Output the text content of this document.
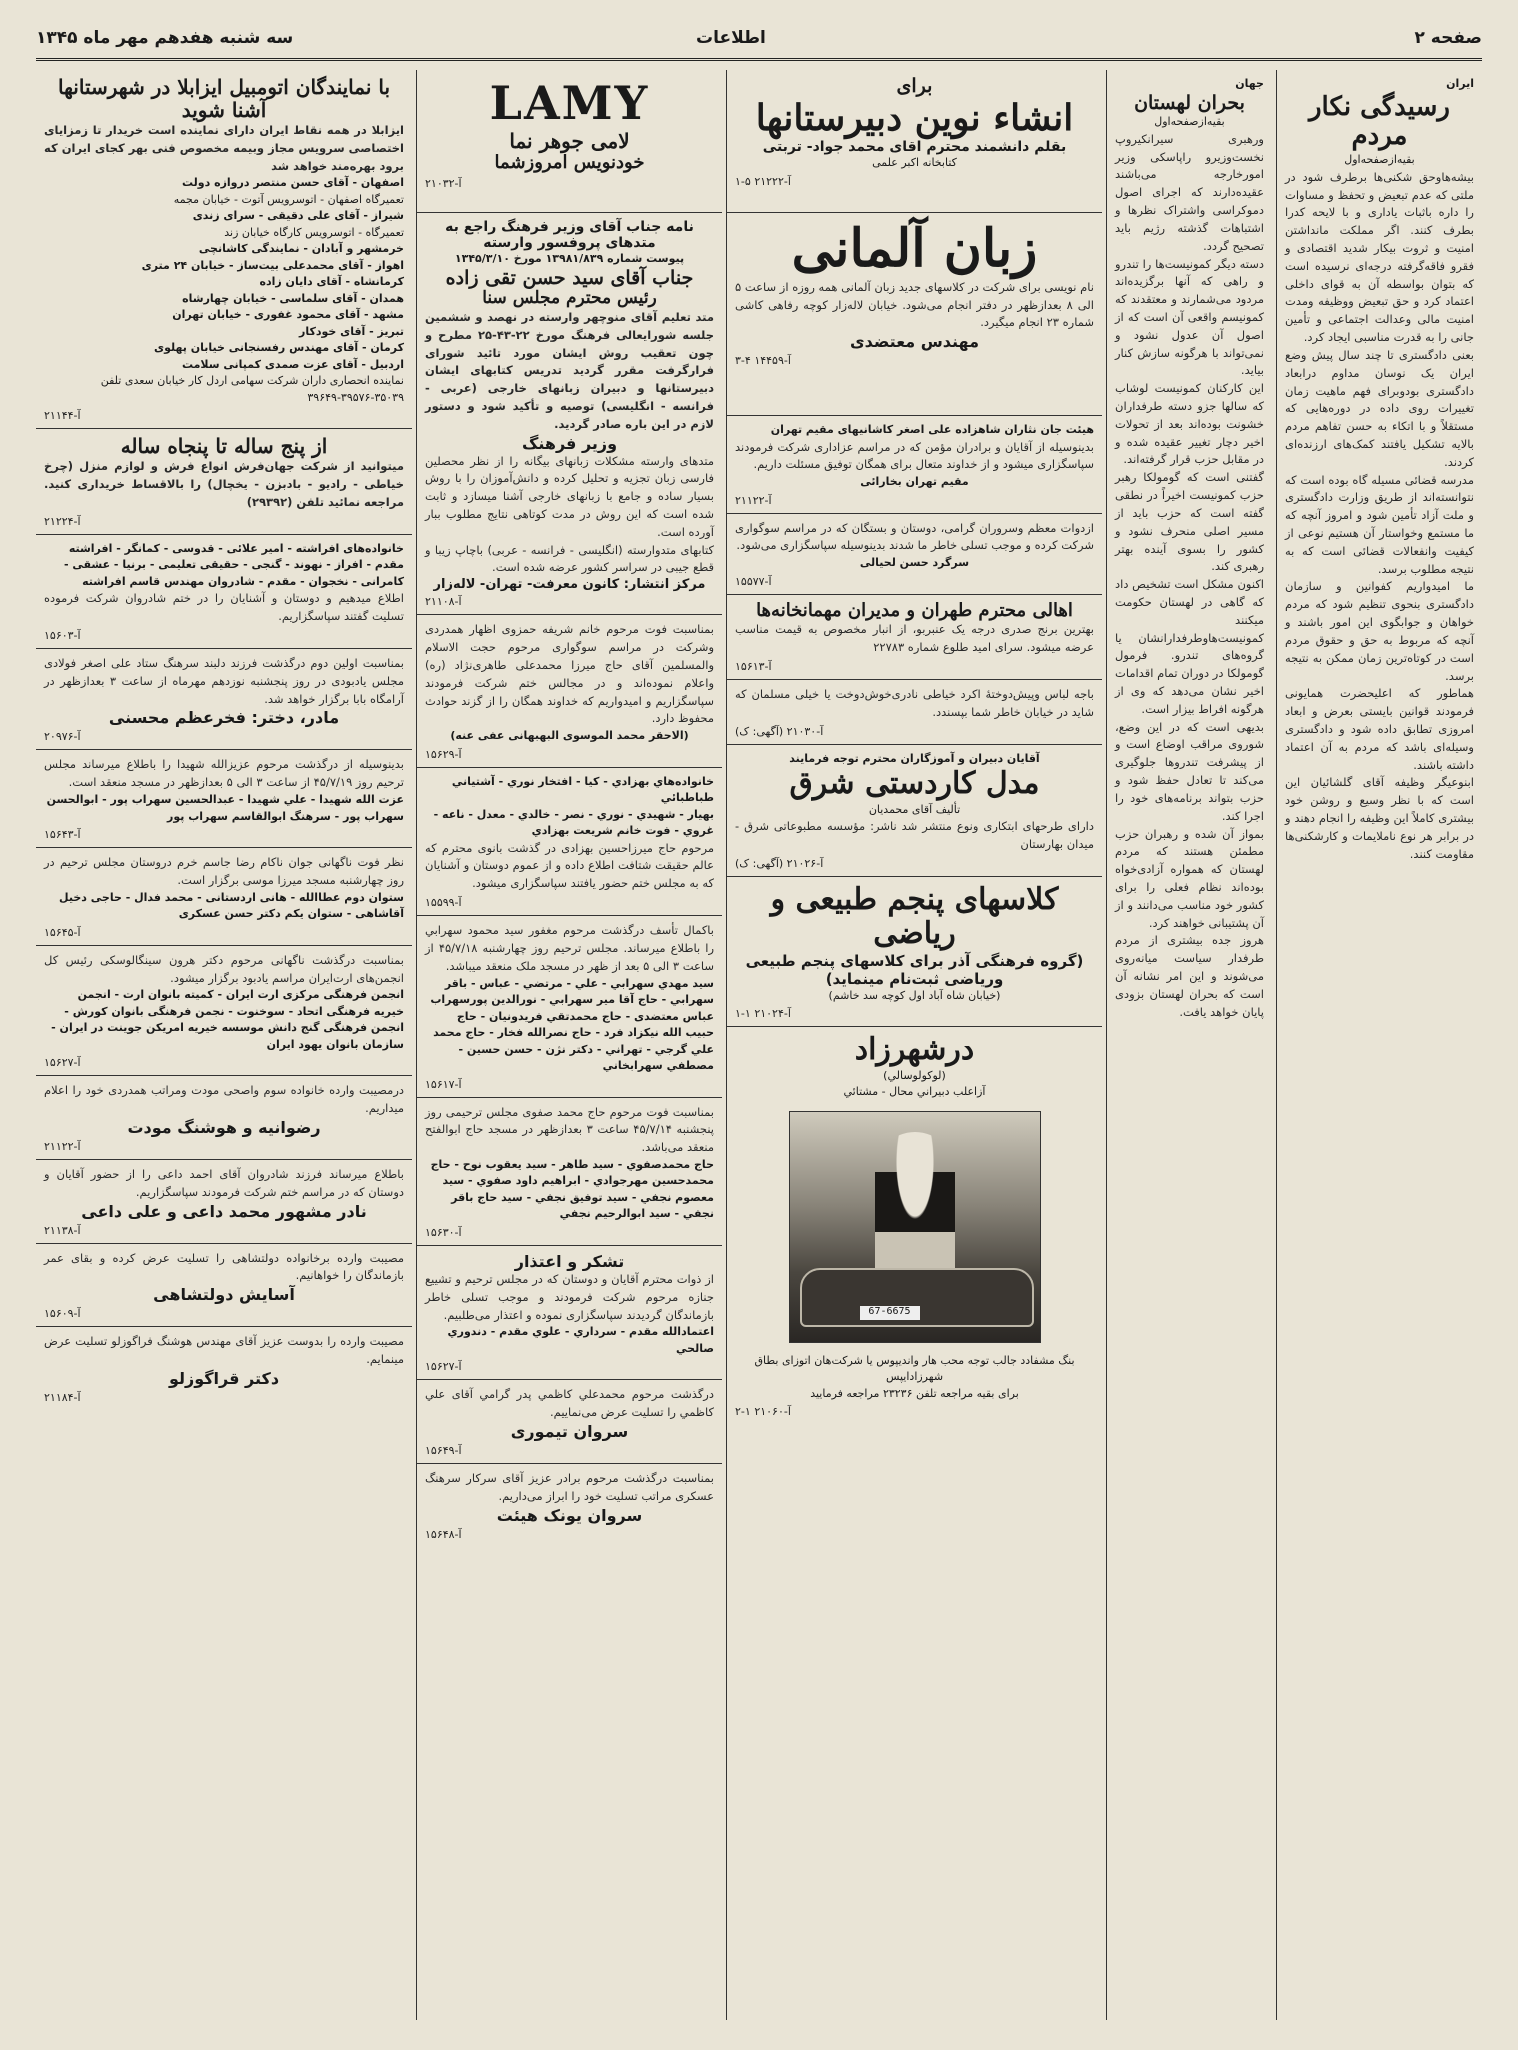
صفحه ۲
اطلاعات
سه شنبه هفدهم مهر ماه ۱۳۴۵
ایران
رسیدگی نکار مردم
بقیه‌ازصفحه‌اول
بیشه‌هاوحق شکنی‌ها برطرف شود در ملتی که عدم تبعیض و تحفظ و مساوات را داره باثبات یاداری و با لایحه کدرا بطرف کنند. اگر مملکت مانداشتن امنیت و ثروت بیکار شدید اقتصادی و فقرو فاقه‌گرفته درجه‌ای نرسیده است که بتوان بواسطه آن به قوای داخلی اعتماد کرد و حق تبعیض ووظیفه ومدت امنیت مالی وعدالت اجتماعی و تأمین جانی را به قدرت مناسبی ایجاد کرد.
بعنی دادگستری تا چند سال پیش وضع ایران یک نوسان مداوم درابعاد دادگستری بودوبرای فهم ماهیت زمان تغییرات روی داده در دوره‌هایی که مستقلاً و با اتکاء به حسن تفاهم مردم بالایه تشکیل یافتند کمک‌های ارزنده‌ای کردند.
مدرسه قضائی مسیله گاه بوده است که نتوانسته‌اند از طریق وزارت دادگستری و ملت آزاد تأمین شود و امروز آنچه که ما مستمع وخواستار آن هستیم نوعی از کیفیت وانفعالات قضائی است که به نتیجه مطلوب برسد.
ما امیدواریم کفوانین و سازمان دادگستری بنحوی تنظیم شود که مردم خواهان و جوابگوی این امور باشند و آنچه که مربوط به حق و حقوق مردم است در کوتاه‌ترین زمان ممکن به نتیجه برسد.
هماطور که اعلیحضرت همایونی فرمودند قوانین بایستی بعرض و ابعاد امروزی تطابق داده شود و دادگستری وسیله‌ای باشد که مردم به آن اعتماد داشته باشند.
ابنوعیگر وظیفه آقای گلشائیان این است که با نظر وسیع و روشن خود بیشتری کاملاً این وظیفه را انجام دهند و در برابر هر نوع ناملایمات و کارشکنی‌ها مقاومت کنند.
جهان
بحران لهستان
بقیه‌ازصفحه‌اول
ورهبری سیرانکیروپ نخست‌وزیرو راپاسکی وزیر امورخارجه می‌باشند عقیده‌دارند که اجرای اصول دموکراسی واشتراک نظرها و اشتباهات گذشته رژیم باید تصحیح گردد.
دسته دیگر کمونیست‌ها را تندرو و راهی که آنها برگزیده‌اند مردود می‌شمارند و معتقدند که کمونیسم واقعی آن است که از اصول آن عدول نشود و نمی‌تواند با هرگونه سازش کنار بیاید.
این کارکنان کمونیست لوشاب که سالها جزو دسته طرفداران خشونت بوده‌اند بعد از تحولات اخیر دچار تغییر عقیده شده و در مقابل حزب قرار گرفته‌اند.
گفتنی است که گومولکا رهبر حزب کمونیست اخیراً در نطقی گفته است که حزب باید از مسیر اصلی منحرف نشود و کشور را بسوی آینده بهتر رهبری کند.
اکنون مشکل است تشخیص داد که گاهی در لهستان حکومت میکنند کمونیست‌هاوطرفدارانشان یا گروه‌های تندرو. فرمول گومولکا در دوران تمام اقدامات اخیر نشان می‌دهد که وی از هرگونه افراط بیزار است.
بدیهی است که در این وضع، شوروی مراقب اوضاع است و از پیشرفت تندروها جلوگیری می‌کند تا تعادل حفظ شود و حزب بتواند برنامه‌های خود را اجرا کند.
بمواز آن شده و رهبران حزب مطمئن هستند که مردم لهستان که همواره آزادی‌خواه بوده‌اند نظام فعلی را برای کشور خود مناسب می‌دانند و از آن پشتیبانی خواهند کرد.
هروز جده بیشتری از مردم طرفدار سیاست میانه‌روی می‌شوند و این امر نشانه آن است که بحران لهستان بزودی پایان خواهد یافت.
برای
انشاء نوین دبیرستانها
بقلم دانشمند محترم اقای محمد جواد- تربتی
کتابخانه اکبر علمی
آ-۲۱۲۲۲ ۵-۱
زبان آلمانی
نام نویسی برای شرکت در کلاسهای جدید زبان آلمانی همه روزه از ساعت ۵ الی ۸ بعدازظهر در دفتر انجام می‌شود. خیابان لاله‌زار کوچه رفاهی کاشی شماره ۲۳ انجام میگیرد.
مهندس معتضدی
آ-۱۴۴۵۹ ۴-۳
هیئت جان نثاران شاهزاده علی اصغر کاشانیهای مقیم تهران
بدینوسیله از آقایان و برادران مؤمن که در مراسم عزاداری شرکت فرمودند سپاسگزاری میشود و از خداوند متعال برای همگان توفیق مسئلت داریم.
مقیم تهران بخارائی
آ-۲۱۱۲۲
ازدوات معظم وسروران گرامی، دوستان و بستگان که در مراسم سوگواری شرکت کرده و موجب تسلی خاطر ما شدند بدینوسیله سپاسگزاری می‌شود.
سرگرد حسن لحیالی
آ-۱۵۵۷۷
اهالی محترم طهران و مدیران مهمانخانه‌ها
بهترین برنج صدری درجه یک عنبربو، از انبار مخصوص به قیمت مناسب عرضه میشود. سرای امید طلوع شماره ۲۲۷۸۳
آ-۱۵۶۱۳
باجه لباس وپیش‌دوختهٔ اکرد خیاطی نادری‌خوش‌دوخت یا خیلی مسلمان که شاید در خیابان خاطر شما بپسندد.
آ-۲۱۰۳۰ (آگهی: ک)
آقایان دبیران و آموزگاران محترم توجه فرمایند
مدل کاردستی شرق
تألیف آقای محمدیان
دارای طرحهای ابتکاری ونوع منتشر شد ناشر: مؤسسه مطبوعاتی شرق - میدان بهارستان
آ-۲۱۰۲۶ (آگهی: ک)
کلاسهای پنجم طبیعی و ریاضی
(گروه فرهنگی آذر برای کلاسهای پنجم طبیعی وریاضی ثبت‌نام مینماید)
(خیابان شاه آباد اول کوچه سد خاشم)
آ-۲۱۰۲۴ ۱-۱
درشهرزاد
(لوکولوسالي)
آزاعلب دبیراني محال - مشتائي
67-6675
بنگ مشفادد جالب توجه محب هار واندیپوس یا شرکت‌هان اتوزای بطاق شهرزادایپس
برای بقیه مراجعه تلفن ۲۳۲۳۶ مراجعه فرمایید
آ-۲۱۰۶۰ ۱-۲
LAMY
لامی جوهر نما
خودنویس امروزشما
آ-۲۱۰۳۲
نامه جناب آقای وزیر فرهنگ راجع به متدهای پروفسور وارسته
پیوست شماره ۱۳۹۸۱/۸۳۹ مورخ ۱۳۴۵/۳/۱۰
جناب آقای سید حسن تقی زاده
رئیس محترم مجلس سنا
متد تعلیم آقای منوچهر وارسته در نهصد و ششمین جلسه شورایعالی فرهنگ مورخ ۲۲-۴۳-۲۵ مطرح و چون تعقیب روش ایشان مورد تائید شورای فرارگرفت مقرر گردید تدریس کتابهای ایشان دبیرستانها و دبیران زبانهای خارجی (عربی - فرانسه - انگلیسی) توصیه و تأکید شود و دستور لازم در این باره صادر گردید.
وزیر فرهنگ
متدهای وارسته مشکلات زبانهای بیگانه را از نظر محصلین فارسی زبان تجزیه و تحلیل کرده و دانش‌آموزان را با روش بسیار ساده و جامع با زبانهای خارجی آشنا میسازد و ثابت شده است که این روش در مدت کوتاهی نتایج مطلوب ببار آورده است.
کتابهای متدوارسته (انگلیسی - فرانسه - عربی) باچاپ زیبا و قطع جیبی در سراسر کشور عرضه شده است.
مرکز انتشار: کانون معرفت- تهران- لاله‌زار
آ-۲۱۱۰۸
بمناسبت فوت مرحوم خانم شریفه حمزوی اظهار همدردی وشرکت در مراسم سوگواری مرحوم حجت الاسلام والمسلمین آقای حاج میرزا محمدعلی طاهری‌نژاد (ره) واعلام نموده‌اند و در مجالس ختم شرکت فرمودند سپاسگزاریم و امیدواریم که خداوند همگان را از گزند حوادث محفوظ دارد.
(الاحقر محمد الموسوی البهبهانی عفی عنه)
آ-۱۵۶۲۹
خانواده‌هاي بهزادي - كيا - افتخار نوري - آشتياني طباطبائي
بهيار - شهيدي - نوري - نصر - خالدي - معدل - ناعه - غروي - فوت خانم شريعت بهزادي
مرحوم حاج میرزاحسین بهزادی در گذشت بانوی محترم که عالم حقیقت شتافت اطلاع داده و از عموم دوستان و آشنایان که به مجلس ختم حضور یافتند سپاسگزاری میشود.
آ-۱۵۵۹۹
باكمال تأسف درگذشت مرحوم مغفور سيد محمود سهرابي را باطلاع میرساند. مجلس ترحيم روز چهارشنبه ۴۵/۷/۱۸ از ساعت ۳ الی ۵ بعد از ظهر در مسجد ملک منعقد میباشد.
سيد مهدي سهرابي - علي - مرتضي - عباس - باقر سهرابي - حاج آقا مير سهرابي - نورالدين پورسهراب عباس معتضدی - حاج محمدتقي فريدونيان - حاج حبيب الله نيكزاد فرد - حاج نصرالله فخار - حاج محمد علي گرجي - تهراني - دكتر نژن - حسن حسين - مصطفي سهرابخاني
آ-۱۵۶۱۷
بمناسبت فوت مرحوم حاج محمد صفوی مجلس ترحیمی روز پنجشنبه ۴۵/۷/۱۴ ساعت ۳ بعدازظهر در مسجد حاج ابوالفتح منعقد می‌باشد.
حاج محمدصفوي - سيد طاهر - سيد يعقوب نوح - حاج محمدحسين مهرجوادي - ابراهيم داود صفوي - سيد معصوم نجفي - سيد توفيق نجفي - سيد حاج باقر نجفي - سيد ابوالرحيم نجفي
آ-۱۵۶۳۰
تشکر و اعتذار
از ذوات محترم آقایان و دوستان که در مجلس ترحیم و تشییع جنازه مرحوم شرکت فرمودند و موجب تسلی خاطر بازماندگان گردیدند سپاسگزاری نموده و اعتذار می‌طلبیم.
اعتمادالله مقدم - سرداري - علوي مقدم - دندوري صالحي
آ-۱۵۶۲۷
درگذشت مرحوم محمدعلي کاظمي پدر گرامي آقای علي کاظمي را تسلیت عرض می‌نماییم.
سروان تیموری
آ-۱۵۶۴۹
بمناسبت درگذشت مرحوم برادر عزیز آقای سرکار سرهنگ عسکری مراتب تسلیت خود را ابراز می‌داریم.
سروان یونک هیئت
آ-۱۵۶۴۸
با نمایندگان اتومبیل ایزابلا در شهرستانها آشنا شوید
ایزابلا در همه نقاط ایران دارای نماینده است خریدار تا زمزایای اختصاصی سرویس مجاز وبیمه مخصوص فنی بهر کجای ایران که برود بهره‌مند خواهد شد
اصفهان - آقای حسن منتصر دروازه دولت
تعمیرگاه اصفهان - اتوسرویس آتوت - خیابان مجمه
شیراز - آقای علی دقیقی - سرای زندی
تعمیرگاه - اتوسرویس کارگاه خیابان زند
خرمشهر و آبادان - نمایندگی کاشانچی
اهواز - آقای محمدعلی بیت‌ساز - خیابان ۲۴ متری
کرمانشاه - آقای دایان زاده
همدان - آقای سلماسی - خیابان چهارشاه
مشهد - آقای محمود غفوری - خیابان تهران
تبریز - آقای خودکار
کرمان - آقای مهندس رفسنجانی خیابان پهلوی
اردبیل - آقای عزت صمدی کمپانی سلامت
نماینده انحصاری داران شرکت سهامی اردل کار خیابان سعدی تلفن ۳۵۰۳۹-۳۹۵۷۶-۳۹۶۴۹
آ-۲۱۱۴۴
از پنج ساله تا پنجاه ساله
میتوانید از شرکت جهان‌فرش انواع فرش و لوازم منزل (چرخ خیاطی - رادیو - بادبزن - یخچال) را بالاقساط خریداری کنید. مراجعه نمائید تلفن (۲۹۳۹۲)
آ-۲۱۲۲۴
خانواده‌های افراشته - امیر علائی - قدوسی - کمانگر - افراشته مقدم - افراز - نهوند - گنجی - حقیقی تعلیمی - برنیا - عشقی - کامرانی - نخجوان - مقدم - شادروان مهندس قاسم افراشته
اطلاع میدهیم و دوستان و آشنایان را در ختم شادروان شرکت فرموده تسلیت گفتند سپاسگزاریم.
آ-۱۵۶۰۳
بمناسبت اولین دوم درگذشت فرزند دلبند سرهنگ ستاد علی اصغر فولادی مجلس یادبودی در روز پنجشنبه نوزدهم مهرماه از ساعت ۳ بعدازظهر در آرامگاه بابا برگزار خواهد شد.
مادر، دختر: فخرعظم محسنی
آ-۲۰۹۷۶
بدینوسیله از درگذشت مرحوم عزیزالله شهیدا را باطلاع میرساند مجلس ترحیم روز ۴۵/۷/۱۹ از ساعت ۳ الی ۵ بعدازظهر در مسجد منعقد است.
عزت الله شهیدا - علي شهیدا - عبدالحسین سهراب پور - ابوالحسن سهراب پور - سرهنگ ابوالقاسم سهراب پور
آ-۱۵۶۴۳
نظر فوت ناگهانی جوان ناکام رضا جاسم خرم دروستان مجلس ترحیم در روز چهارشنبه مسجد میرزا موسی برگزار است.
ستوان دوم عطاالله - هانی اردستانی - محمد فدال - حاجی دخیل آقاشاهی - ستوان یکم دکتر حسن عسکری
آ-۱۵۶۴۵
بمناسبت درگذشت ناگهانی مرحوم دکتر هرون سینگالوسکی رئیس کل انجمن‌های ارت‌ایران مراسم یادبود برگزار میشود.
انجمن فرهنگی مرکزی ارت ایران - کمیته بانوان ارت - انجمن خیریه فرهنگی اتحاد - سوخنوت - نجمن فرهنگی بانوان کورش - انجمن فرهنگی گنج دانش موسسه خیریه امریکن جوینت در ایران - سازمان بانوان یهود ایران
آ-۱۵۶۲۷
درمصیبت وارده خانواده سوم واصحی مودت ومراتب همدردی خود را اعلام میداریم.
رضوانیه و هوشنگ مودت
آ-۲۱۱۲۲
باطلاع میرساند فرزند شادروان آقای احمد داعی را از حضور آقایان و دوستان که در مراسم ختم شرکت فرمودند سپاسگزاریم.
نادر مشهور محمد داعی و علی داعی
آ-۲۱۱۳۸
مصیبت وارده برخانواده دولتشاهی را تسلیت عرض کرده و بقای عمر بازماندگان را خواهانیم.
آسایش دولتشاهی
آ-۱۵۶۰۹
مصیبت وارده را بدوست عزیز آقای مهندس هوشنگ فراگوزلو تسلیت عرض مینمایم.
دکتر قراگوزلو
آ-۲۱۱۸۴
